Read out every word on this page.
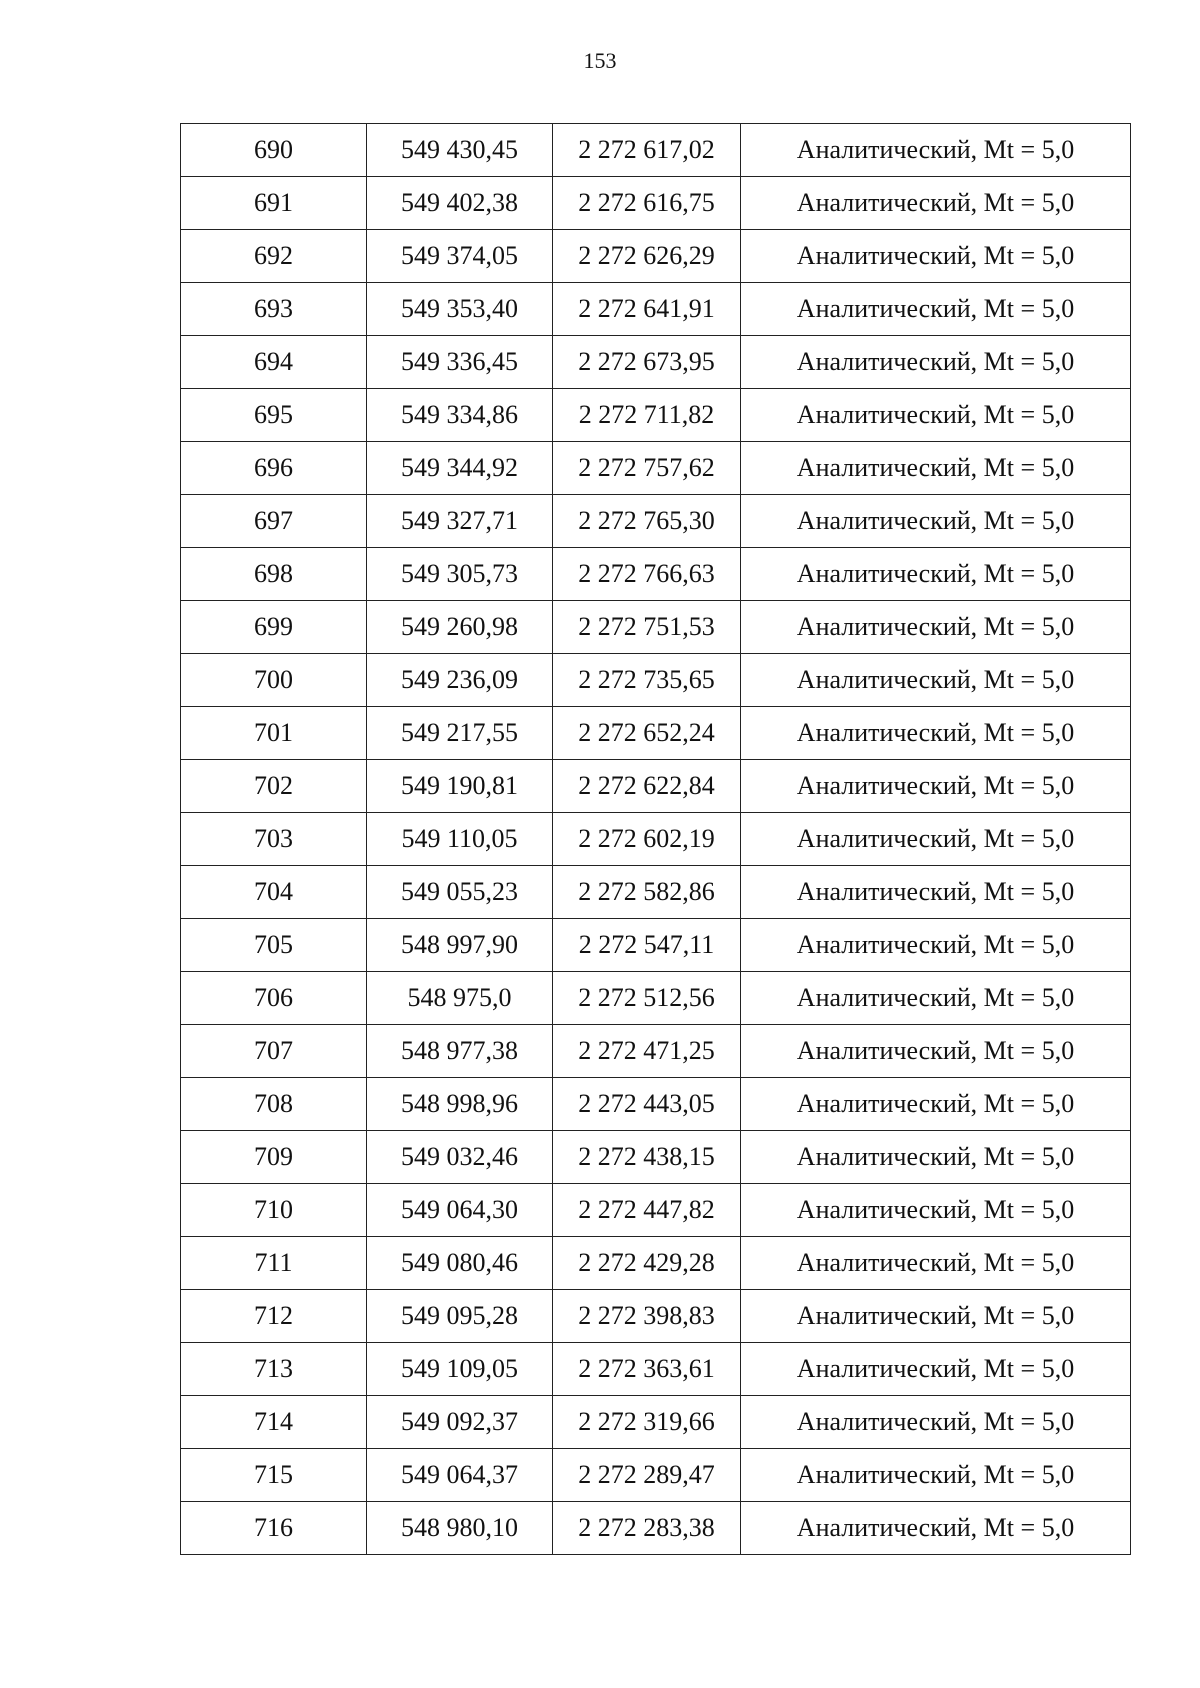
153
690	549 430,45	2 272 617,02	Аналитический, Mt = 5,0
691	549 402,38	2 272 616,75	Аналитический, Mt = 5,0
692	549 374,05	2 272 626,29	Аналитический, Mt = 5,0
693	549 353,40	2 272 641,91	Аналитический, Mt = 5,0
694	549 336,45	2 272 673,95	Аналитический, Mt = 5,0
695	549 334,86	2 272 711,82	Аналитический, Mt = 5,0
696	549 344,92	2 272 757,62	Аналитический, Mt = 5,0
697	549 327,71	2 272 765,30	Аналитический, Mt = 5,0
698	549 305,73	2 272 766,63	Аналитический, Mt = 5,0
699	549 260,98	2 272 751,53	Аналитический, Mt = 5,0
700	549 236,09	2 272 735,65	Аналитический, Mt = 5,0
701	549 217,55	2 272 652,24	Аналитический, Mt = 5,0
702	549 190,81	2 272 622,84	Аналитический, Mt = 5,0
703	549 110,05	2 272 602,19	Аналитический, Mt = 5,0
704	549 055,23	2 272 582,86	Аналитический, Mt = 5,0
705	548 997,90	2 272 547,11	Аналитический, Mt = 5,0
706	548 975,0	2 272 512,56	Аналитический, Mt = 5,0
707	548 977,38	2 272 471,25	Аналитический, Mt = 5,0
708	548 998,96	2 272 443,05	Аналитический, Mt = 5,0
709	549 032,46	2 272 438,15	Аналитический, Mt = 5,0
710	549 064,30	2 272 447,82	Аналитический, Mt = 5,0
711	549 080,46	2 272 429,28	Аналитический, Mt = 5,0
712	549 095,28	2 272 398,83	Аналитический, Mt = 5,0
713	549 109,05	2 272 363,61	Аналитический, Mt = 5,0
714	549 092,37	2 272 319,66	Аналитический, Mt = 5,0
715	549 064,37	2 272 289,47	Аналитический, Mt = 5,0
716	548 980,10	2 272 283,38	Аналитический, Mt = 5,0
